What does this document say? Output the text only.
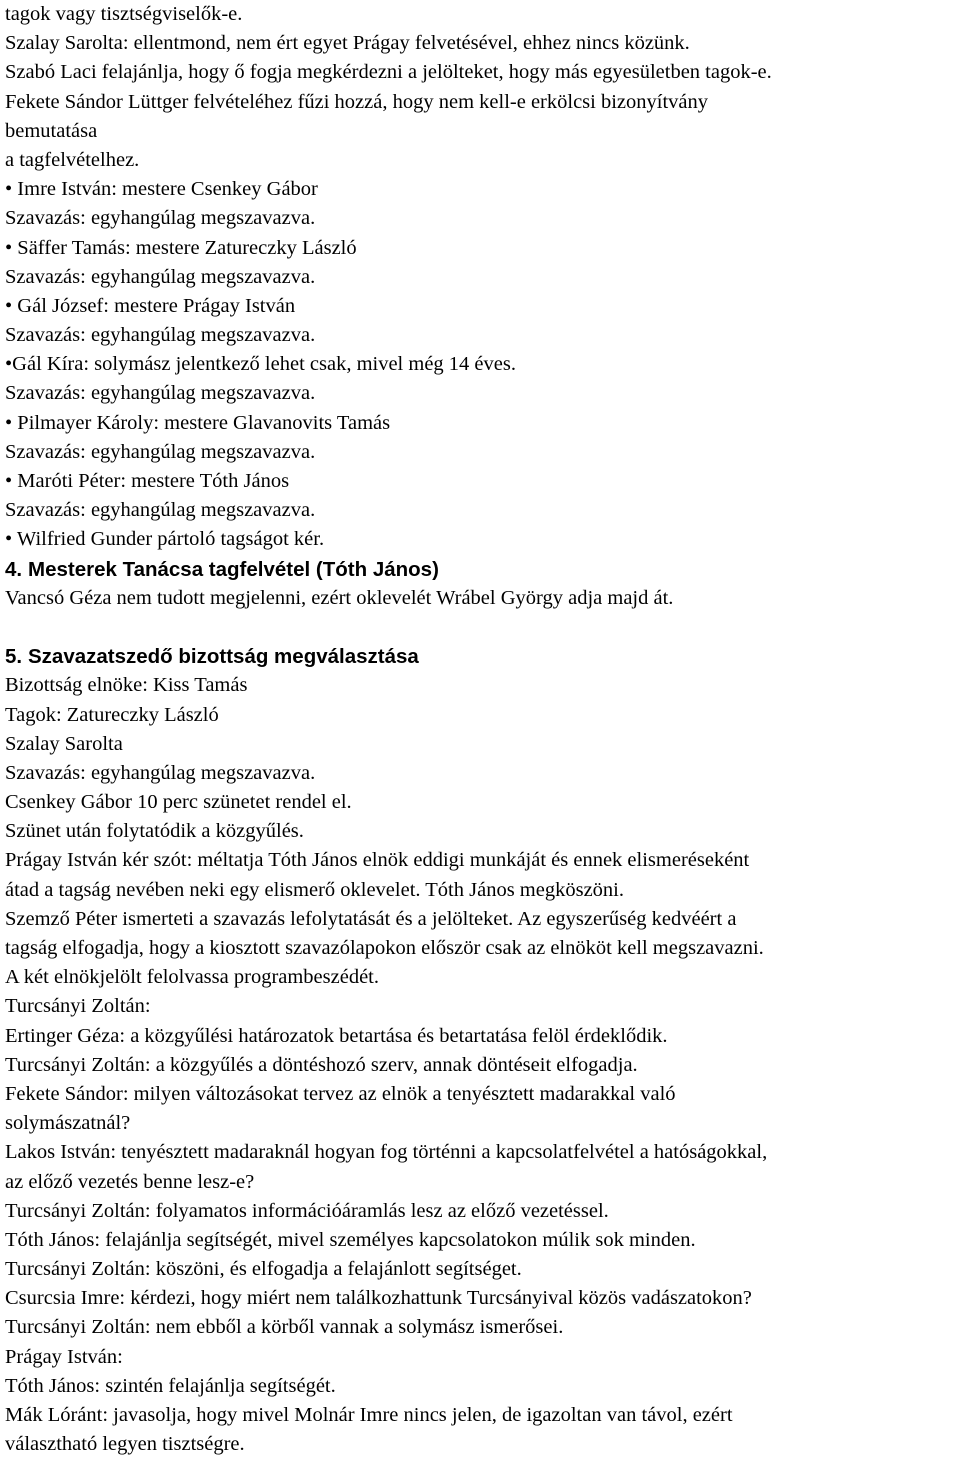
tagok vagy tisztségviselők-e.
Szalay Sarolta: ellentmond, nem ért egyet Prágay felvetésével, ehhez nincs közünk.
Szabó Laci felajánlja, hogy ő fogja megkérdezni a jelölteket, hogy más egyesületben tagok-e.
Fekete Sándor Lüttger felvételéhez fűzi hozzá, hogy nem kell-e erkölcsi bizonyítvány
bemutatása
a tagfelvételhez.
• Imre István: mestere Csenkey Gábor
Szavazás: egyhangúlag megszavazva.
• Säffer Tamás: mestere Zatureczky László
Szavazás: egyhangúlag megszavazva.
• Gál József: mestere Prágay István
Szavazás: egyhangúlag megszavazva.
•Gál Kíra: solymász jelentkező lehet csak, mivel még 14 éves.
Szavazás: egyhangúlag megszavazva.
• Pilmayer Károly: mestere Glavanovits Tamás
Szavazás: egyhangúlag megszavazva.
• Maróti Péter: mestere Tóth János
Szavazás: egyhangúlag megszavazva.
• Wilfried Gunder pártoló tagságot kér.
4. Mesterek Tanácsa tagfelvétel (Tóth János)
Vancsó Géza nem tudott megjelenni, ezért oklevelét Wrábel György adja majd át.
5. Szavazatszedő bizottság megválasztása
Bizottság elnöke: Kiss Tamás
Tagok: Zatureczky László
Szalay Sarolta
Szavazás: egyhangúlag megszavazva.
Csenkey Gábor 10 perc szünetet rendel el.
Szünet után folytatódik a közgyűlés.
Prágay István kér szót: méltatja Tóth János elnök eddigi munkáját és ennek elismeréseként
átad a tagság nevében neki egy elismerő oklevelet. Tóth János megköszöni.
Szemző Péter ismerteti a szavazás lefolytatását és a jelölteket. Az egyszerűség kedvéért a
tagság elfogadja, hogy a kiosztott szavazólapokon először csak az elnököt kell megszavazni.
A két elnökjelölt felolvassa programbeszédét.
Turcsányi Zoltán:
Ertinger Géza: a közgyűlési határozatok betartása és betartatása felöl érdeklődik.
Turcsányi Zoltán: a közgyűlés a döntéshozó szerv, annak döntéseit elfogadja.
Fekete Sándor: milyen változásokat tervez az elnök a tenyésztett madarakkal való
solymászatnál?
Lakos István: tenyésztett madaraknál hogyan fog történni a kapcsolatfelvétel a hatóságokkal,
az előző vezetés benne lesz-e?
Turcsányi Zoltán: folyamatos információáramlás lesz az előző vezetéssel.
Tóth János: felajánlja segítségét, mivel személyes kapcsolatokon múlik sok minden.
Turcsányi Zoltán: köszöni, és elfogadja a felajánlott segítséget.
Csurcsia Imre: kérdezi, hogy miért nem találkozhattunk Turcsányival közös vadászatokon?
Turcsányi Zoltán: nem ebből a körből vannak a solymász ismerősei.
Prágay István:
Tóth János: szintén felajánlja segítségét.
Mák Lóránt: javasolja, hogy mivel Molnár Imre nincs jelen, de igazoltan van távol, ezért
választható legyen tisztségre.
